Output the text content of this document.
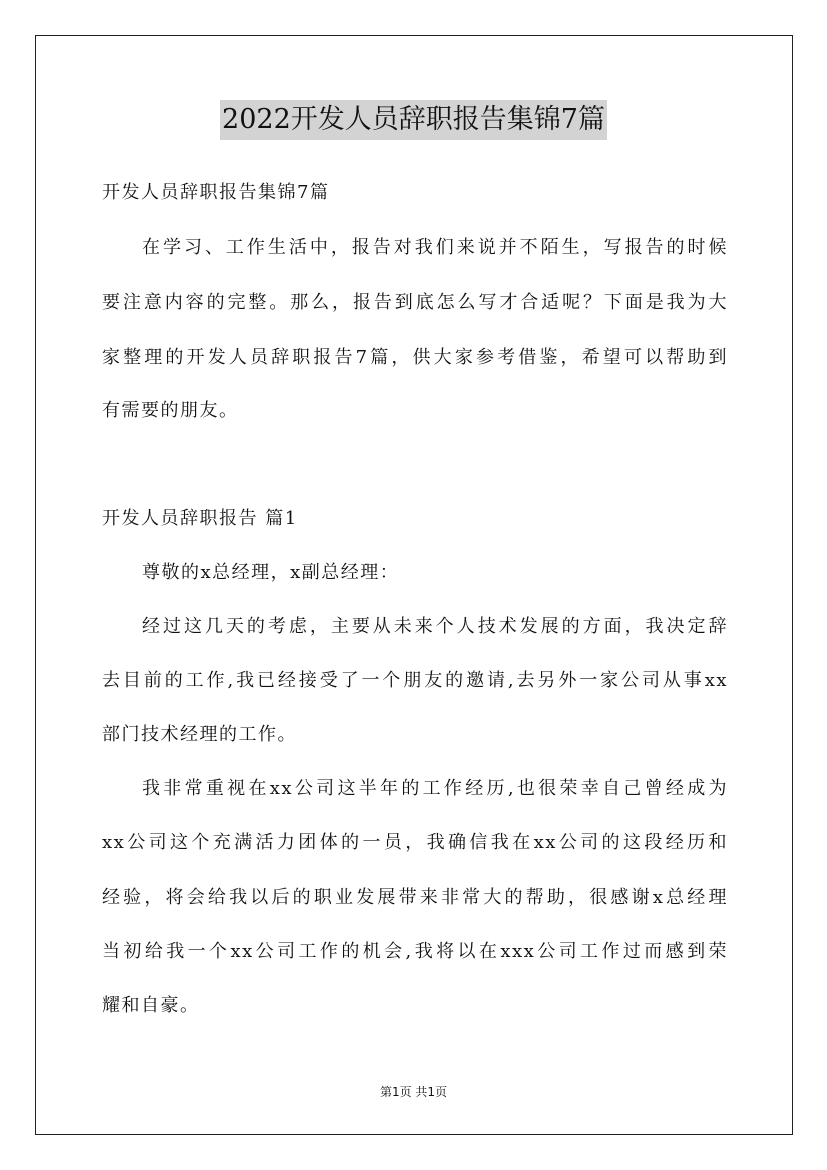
2022开发人员辞职报告集锦7篇
开发人员辞职报告集锦7篇
在学习、工作生活中，报告对我们来说并不陌生，写报告的时候
要注意内容的完整。那么，报告到底怎么写才合适呢？下面是我为大
家整理的开发人员辞职报告7篇，供大家参考借鉴，希望可以帮助到
有需要的朋友。
开发人员辞职报告 篇1
尊敬的x总经理，x副总经理：
经过这几天的考虑，主要从未来个人技术发展的方面，我决定辞
去目前的工作,我已经接受了一个朋友的邀请,去另外一家公司从事xx
部门技术经理的工作。
我非常重视在xx公司这半年的工作经历,也很荣幸自己曾经成为
xx公司这个充满活力团体的一员，我确信我在xx公司的这段经历和
经验，将会给我以后的职业发展带来非常大的帮助，很感谢x总经理
当初给我一个xx公司工作的机会,我将以在xxx公司工作过而感到荣
耀和自豪。
第1页 共1页
